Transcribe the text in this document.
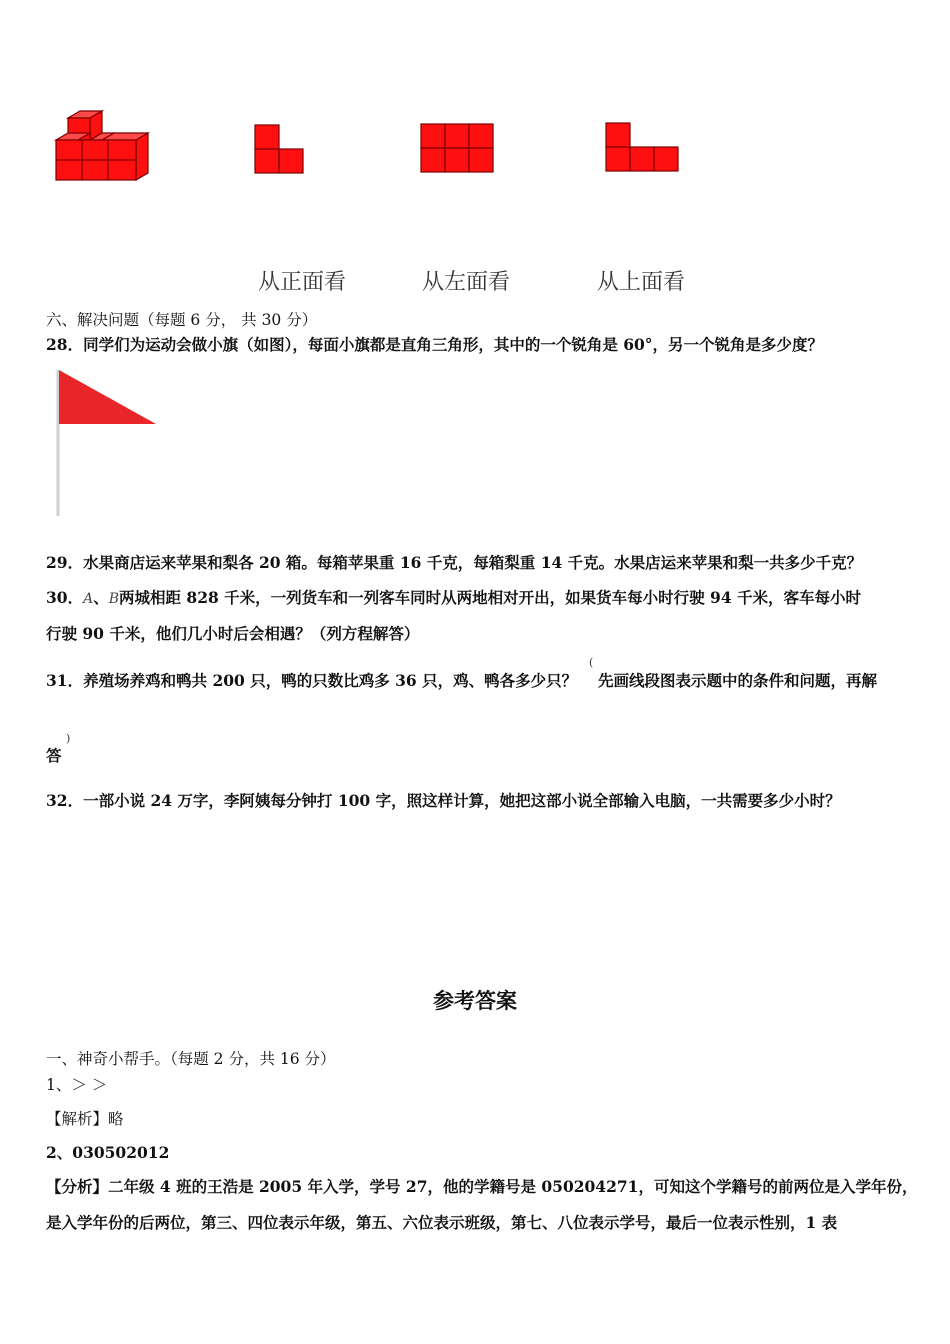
从正面看	从左面看	从上面看
六、解决问题（每题 6 分， 共 30 分）
28．同学们为运动会做小旗（如图），每面小旗都是直角三角形，其中的一个锐角是 60°，另一个锐角是多少度？
29．水果商店运来苹果和梨各 20 箱。每箱苹果重 16 千克，每箱梨重 14 千克。水果店运来苹果和梨一共多少千克？
30．A、B两城相距 828 千米，一列货车和一列客车同时从两地相对开出，如果货车每小时行驶 94 千米，客车每小时
行驶 90 千米，他们几小时后会相遇？（列方程解答）
31．养殖场养鸡和鸭共 200 只，鸭的只数比鸡多 36 只，鸡、鸭各多少只？
(
先画线段图表示题中的条件和问题，再解
答
)
32．一部小说 24 万字，李阿姨每分钟打 100 字，照这样计算，她把这部小说全部输入电脑，一共需要多少小时？
参考答案
一、神奇小帮手。（每题 2 分，共 16 分）
1、＞ ＞
【解析】略
2、030502012
【分析】二年级 4 班的王浩是 2005 年入学，学号 27，他的学籍号是 050204271，可知这个学籍号的前两位是入学年份，
是入学年份的后两位，第三、四位表示年级，第五、六位表示班级，第七、八位表示学号，最后一位表示性别，1 表
